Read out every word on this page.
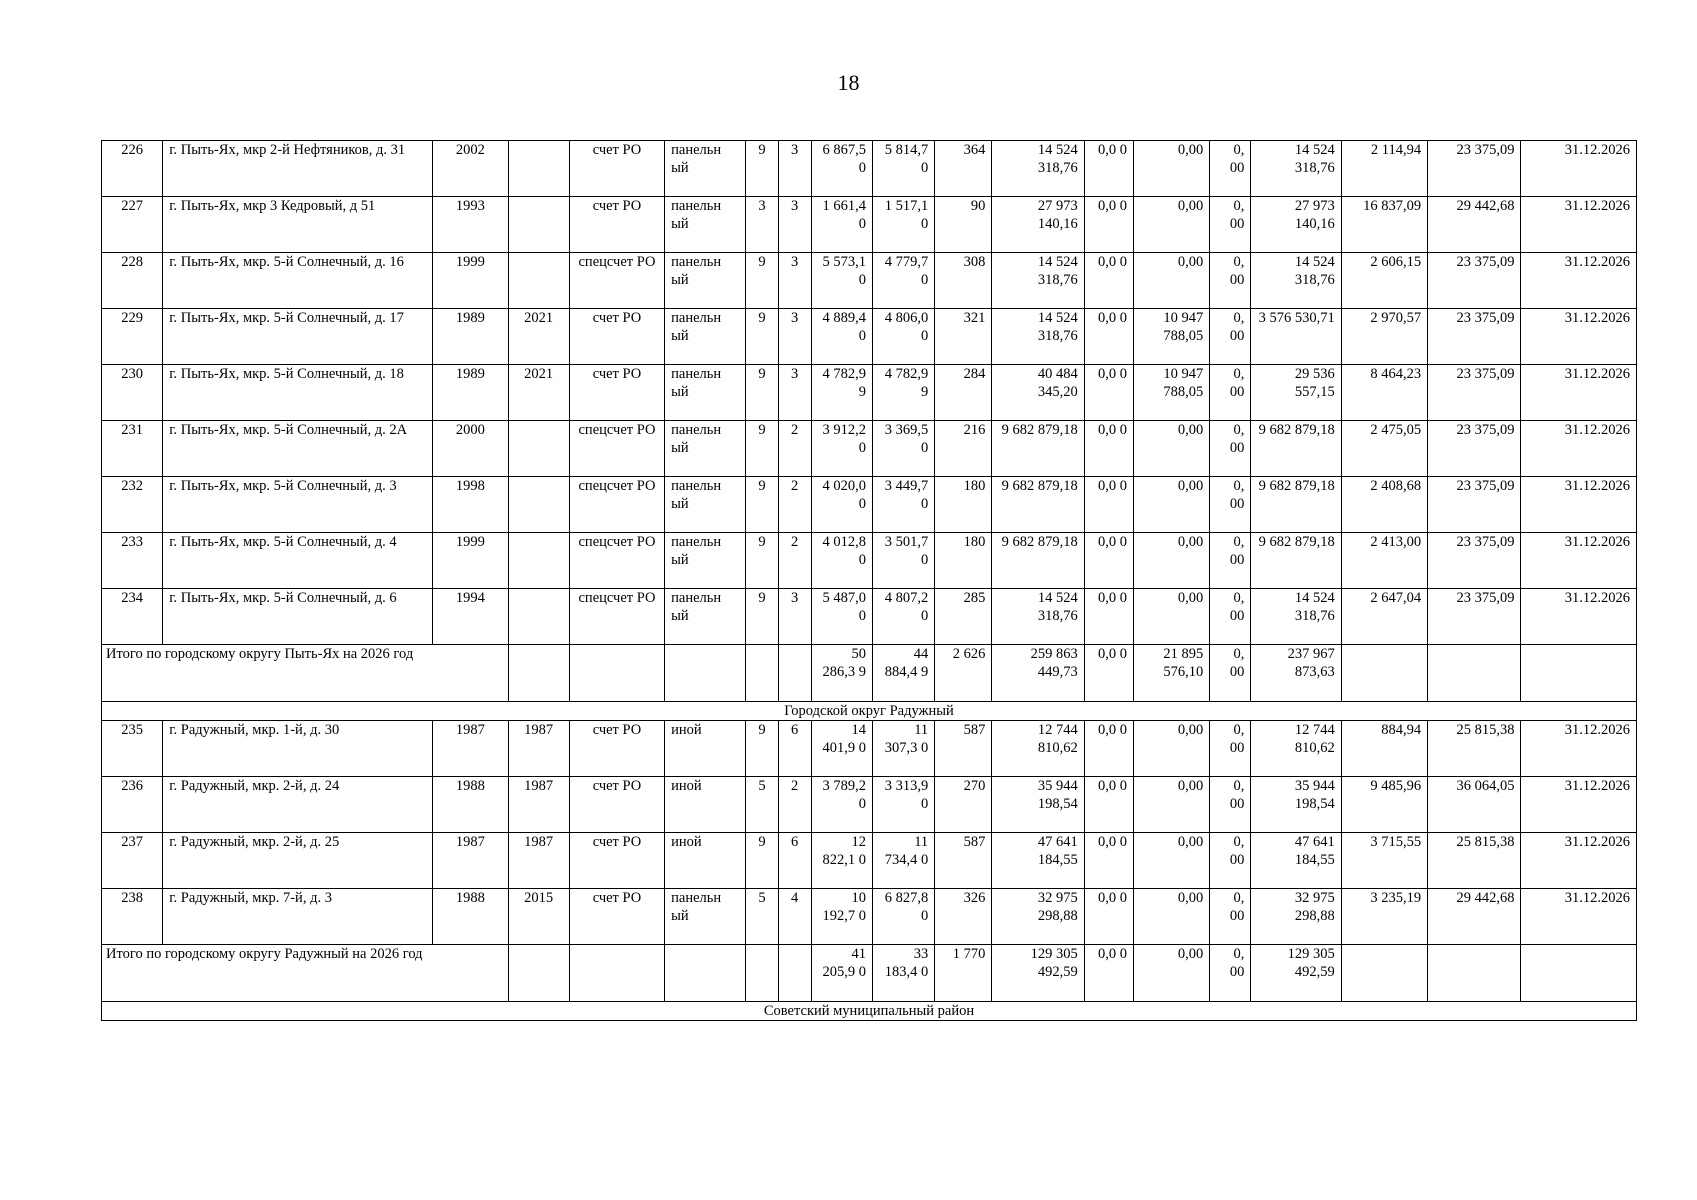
18
226	г. Пыть-Ях, мкр 2-й Нефтяников, д. 31	2002		счет РО	панельн ый	9	3	6 867,5 0	5 814,7 0	364	14 524 318,76	0,0 0	0,00	0, 00	14 524 318,76	2 114,94	23 375,09	31.12.2026
227	г. Пыть-Ях, мкр 3 Кедровый, д 51	1993		счет РО	панельн ый	3	3	1 661,4 0	1 517,1 0	90	27 973 140,16	0,0 0	0,00	0, 00	27 973 140,16	16 837,09	29 442,68	31.12.2026
228	г. Пыть-Ях, мкр. 5-й Солнечный, д. 16	1999		спецсчет РО	панельн ый	9	3	5 573,1 0	4 779,7 0	308	14 524 318,76	0,0 0	0,00	0, 00	14 524 318,76	2 606,15	23 375,09	31.12.2026
229	г. Пыть-Ях, мкр. 5-й Солнечный, д. 17	1989	2021	счет РО	панельн ый	9	3	4 889,4 0	4 806,0 0	321	14 524 318,76	0,0 0	10 947 788,05	0, 00	3 576 530,71	2 970,57	23 375,09	31.12.2026
230	г. Пыть-Ях, мкр. 5-й Солнечный, д. 18	1989	2021	счет РО	панельн ый	9	3	4 782,9 9	4 782,9 9	284	40 484 345,20	0,0 0	10 947 788,05	0, 00	29 536 557,15	8 464,23	23 375,09	31.12.2026
231	г. Пыть-Ях, мкр. 5-й Солнечный, д. 2А	2000		спецсчет РО	панельн ый	9	2	3 912,2 0	3 369,5 0	216	9 682 879,18	0,0 0	0,00	0, 00	9 682 879,18	2 475,05	23 375,09	31.12.2026
232	г. Пыть-Ях, мкр. 5-й Солнечный, д. 3	1998		спецсчет РО	панельн ый	9	2	4 020,0 0	3 449,7 0	180	9 682 879,18	0,0 0	0,00	0, 00	9 682 879,18	2 408,68	23 375,09	31.12.2026
233	г. Пыть-Ях, мкр. 5-й Солнечный, д. 4	1999		спецсчет РО	панельн ый	9	2	4 012,8 0	3 501,7 0	180	9 682 879,18	0,0 0	0,00	0, 00	9 682 879,18	2 413,00	23 375,09	31.12.2026
234	г. Пыть-Ях, мкр. 5-й Солнечный, д. 6	1994		спецсчет РО	панельн ый	9	3	5 487,0 0	4 807,2 0	285	14 524 318,76	0,0 0	0,00	0, 00	14 524 318,76	2 647,04	23 375,09	31.12.2026
Итого по городскому округу Пыть-Ях на 2026 год								50 286,3 9	44 884,4 9	2 626	259 863 449,73	0,0 0	21 895 576,10	0, 00	237 967 873,63			
Городской округ Радужный																		
235	г. Радужный, мкр. 1-й, д. 30	1987	1987	счет РО	иной	9	6	14 401,9 0	11 307,3 0	587	12 744 810,62	0,0 0	0,00	0, 00	12 744 810,62	884,94	25 815,38	31.12.2026
236	г. Радужный, мкр. 2-й, д. 24	1988	1987	счет РО	иной	5	2	3 789,2 0	3 313,9 0	270	35 944 198,54	0,0 0	0,00	0, 00	35 944 198,54	9 485,96	36 064,05	31.12.2026
237	г. Радужный, мкр. 2-й, д. 25	1987	1987	счет РО	иной	9	6	12 822,1 0	11 734,4 0	587	47 641 184,55	0,0 0	0,00	0, 00	47 641 184,55	3 715,55	25 815,38	31.12.2026
238	г. Радужный, мкр. 7-й, д. 3	1988	2015	счет РО	панельн ый	5	4	10 192,7 0	6 827,8 0	326	32 975 298,88	0,0 0	0,00	0, 00	32 975 298,88	3 235,19	29 442,68	31.12.2026
Итого по городскому округу Радужный на 2026 год								41 205,9 0	33 183,4 0	1 770	129 305 492,59	0,0 0	0,00	0, 00	129 305 492,59			
Советский муниципальный район																		
